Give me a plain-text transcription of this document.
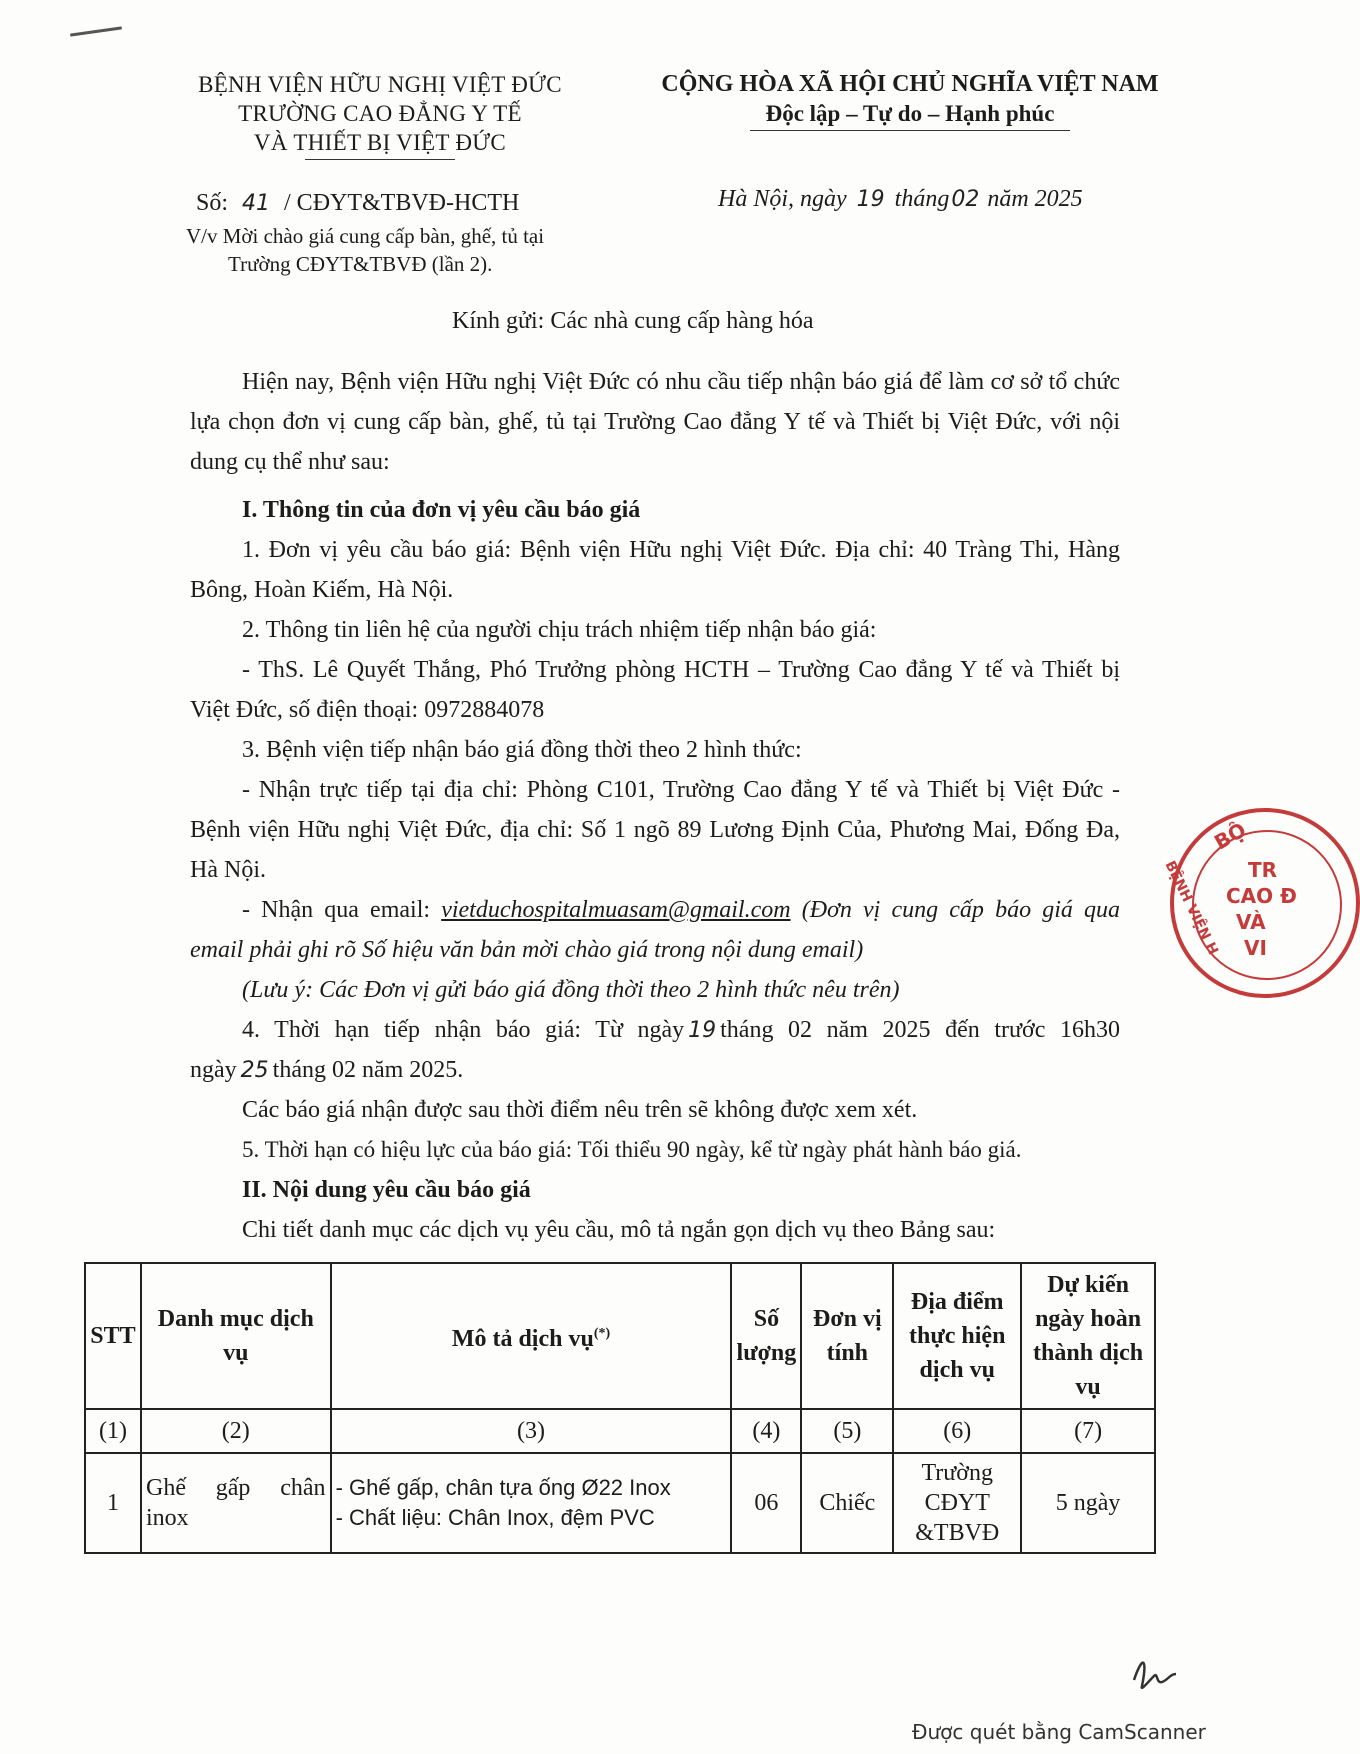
BỆNH VIỆN HỮU NGHỊ VIỆT ĐỨC
TRƯỜNG CAO ĐẲNG Y TẾ
VÀ THIẾT BỊ VIỆT ĐỨC
CỘNG HÒA XÃ HỘI CHỦ NGHĨA VIỆT NAM
Độc lập – Tự do – Hạnh phúc
Số: 41 / CĐYT&TBVĐ-HCTH	Hà Nội, ngày 19 tháng02 năm 2025
V/v Mời chào giá cung cấp bàn, ghế, tủ tại
Trường CĐYT&TBVĐ (lần 2).
Kính gửi: Các nhà cung cấp hàng hóa
Hiện nay, Bệnh viện Hữu nghị Việt Đức có nhu cầu tiếp nhận báo giá để làm cơ sở tổ chức lựa chọn đơn vị cung cấp bàn, ghế, tủ tại Trường Cao đẳng Y tế và Thiết bị Việt Đức, với nội dung cụ thể như sau:
I. Thông tin của đơn vị yêu cầu báo giá
1. Đơn vị yêu cầu báo giá: Bệnh viện Hữu nghị Việt Đức. Địa chỉ: 40 Tràng Thi, Hàng Bông, Hoàn Kiếm, Hà Nội.
2. Thông tin liên hệ của người chịu trách nhiệm tiếp nhận báo giá:
- ThS. Lê Quyết Thắng, Phó Trưởng phòng HCTH – Trường Cao đẳng Y tế và Thiết bị Việt Đức, số điện thoại: 0972884078
3. Bệnh viện tiếp nhận báo giá đồng thời theo 2 hình thức:
- Nhận trực tiếp tại địa chỉ: Phòng C101, Trường Cao đẳng Y tế và Thiết bị Việt Đức - Bệnh viện Hữu nghị Việt Đức, địa chỉ: Số 1 ngõ 89 Lương Định Của, Phương Mai, Đống Đa, Hà Nội.
- Nhận qua email: vietduchospitalmuasam@gmail.com (Đơn vị cung cấp báo giá qua email phải ghi rõ Số hiệu văn bản mời chào giá trong nội dung email)
(Lưu ý: Các Đơn vị gửi báo giá đồng thời theo 2 hình thức nêu trên)
4. Thời hạn tiếp nhận báo giá: Từ ngày 19 tháng 02 năm 2025 đến trước 16h30
ngày 25 tháng 02 năm 2025.
Các báo giá nhận được sau thời điểm nêu trên sẽ không được xem xét.
5. Thời hạn có hiệu lực của báo giá: Tối thiểu 90 ngày, kể từ ngày phát hành báo giá.
II. Nội dung yêu cầu báo giá
Chi tiết danh mục các dịch vụ yêu cầu, mô tả ngắn gọn dịch vụ theo Bảng sau:
STT	Danh mục dịch vụ	Mô tả dịch vụ(*)	Số lượng	Đơn vị tính	Địa điểm thực hiện dịch vụ	Dự kiến ngày hoàn thành dịch vụ
(1)	(2)	(3)	(4)	(5)	(6)	(7)
1	Ghế gấp chân inox	- Ghế gấp, chân tựa ống Ø22 Inox
- Chất liệu: Chân Inox, đệm PVC	06	Chiếc	Trường CĐYT &TBVĐ	5 ngày
BỘ
TR
CAO Đ
VÀ
VI
BỆNH VIỆN H
Được quét bằng CamScanner
